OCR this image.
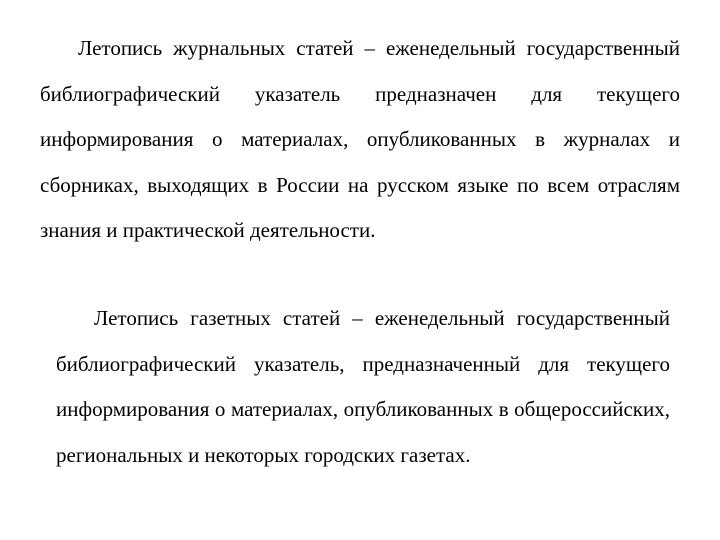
Летопись журнальных статей – еженедельный государственный библиографический указатель предназначен для текущего информирования о материалах, опубликованных в журналах и сборниках, выходящих в России на русском языке по всем отраслям знания и практической деятельности.

Летопись газетных статей – еженедельный государственный библиографический указатель, предназначенный для текущего информирования о материалах, опубликованных в общероссийских, региональных и некоторых городских газетах.
